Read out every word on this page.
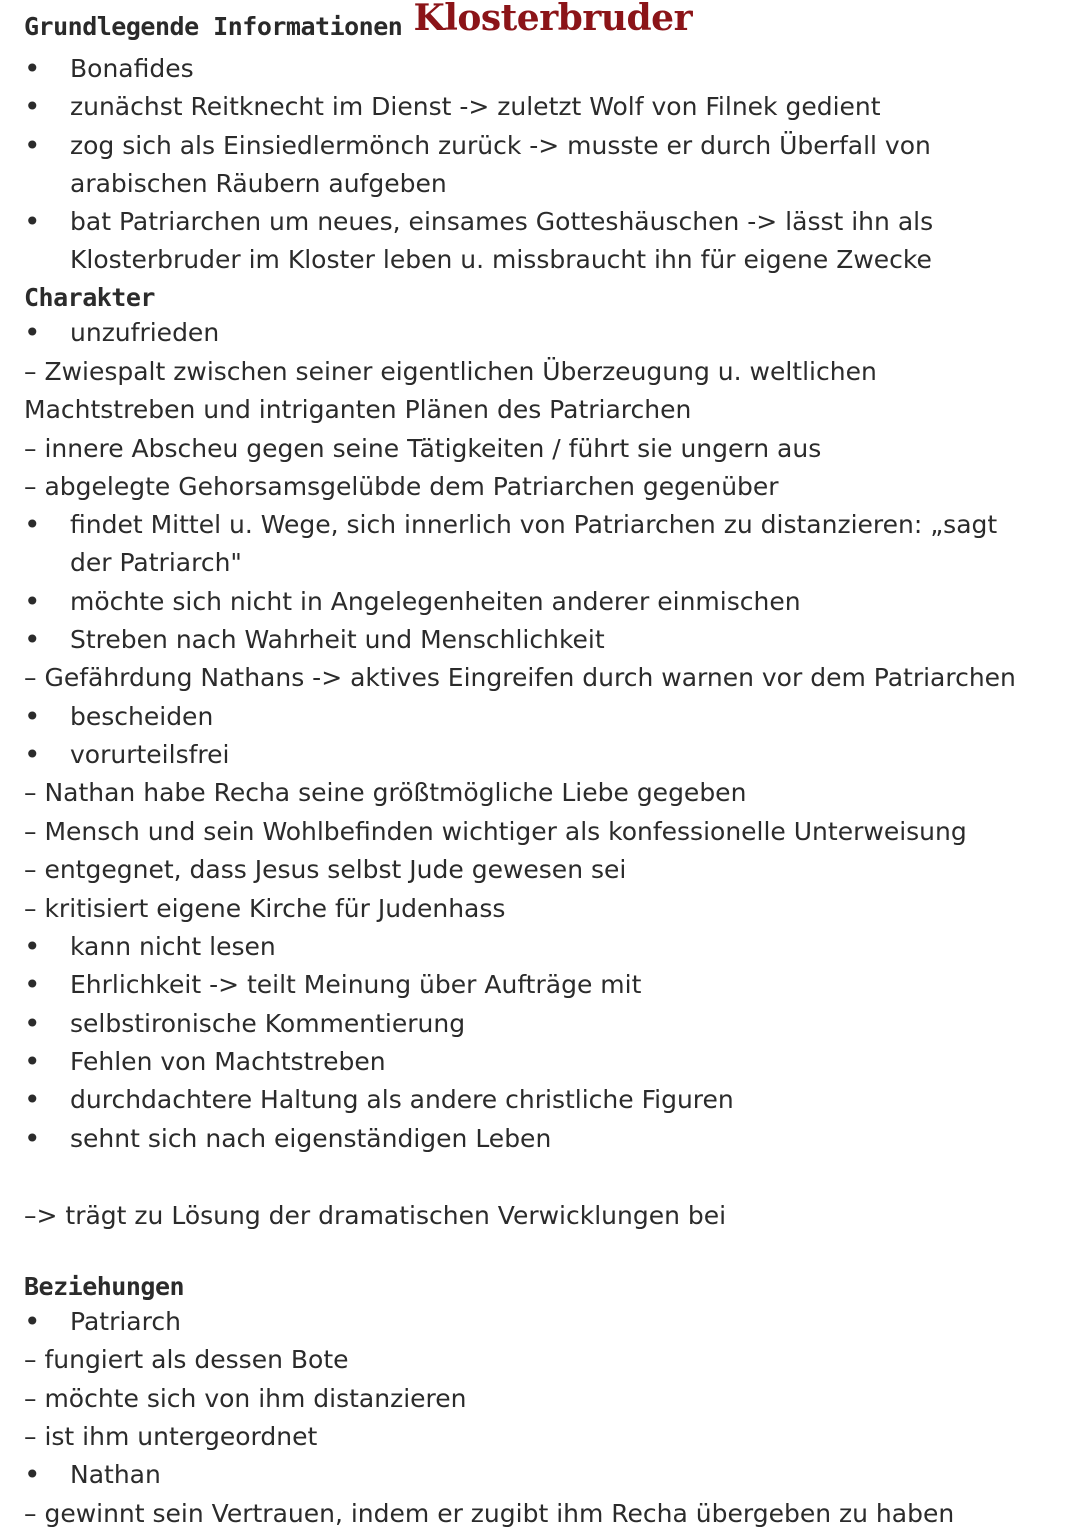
Grundlegende Informationen Klosterbruder
• Bonafides
• zunächst Reitknecht im Dienst -> zuletzt Wolf von Filnek gedient
• zog sich als Einsiedlermönch zurück -> musste er durch Überfall von
arabischen Räubern aufgeben
• bat Patriarchen um neues, einsames Gotteshäuschen -> lässt ihn als
Klosterbruder im Kloster leben u. missbraucht ihn für eigene Zwecke
Charakter
• unzufrieden
– Zwiespalt zwischen seiner eigentlichen Überzeugung u. weltlichen
Machtstreben und intriganten Plänen des Patriarchen
– innere Abscheu gegen seine Tätigkeiten / führt sie ungern aus
– abgelegte Gehorsamsgelübde dem Patriarchen gegenüber
• findet Mittel u. Wege, sich innerlich von Patriarchen zu distanzieren: „sagt
der Patriarch"
• möchte sich nicht in Angelegenheiten anderer einmischen
• Streben nach Wahrheit und Menschlichkeit
– Gefährdung Nathans -> aktives Eingreifen durch warnen vor dem Patriarchen
• bescheiden
• vorurteilsfrei
– Nathan habe Recha seine größtmögliche Liebe gegeben
– Mensch und sein Wohlbefinden wichtiger als konfessionelle Unterweisung
– entgegnet, dass Jesus selbst Jude gewesen sei
– kritisiert eigene Kirche für Judenhass
• kann nicht lesen
• Ehrlichkeit -> teilt Meinung über Aufträge mit
• selbstironische Kommentierung
• Fehlen von Machtstreben
• durchdachtere Haltung als andere christliche Figuren
• sehnt sich nach eigenständigen Leben
–> trägt zu Lösung der dramatischen Verwicklungen bei
Beziehungen
• Patriarch
– fungiert als dessen Bote
– möchte sich von ihm distanzieren
– ist ihm untergeordnet
• Nathan
– gewinnt sein Vertrauen, indem er zugibt ihm Recha übergeben zu haben
